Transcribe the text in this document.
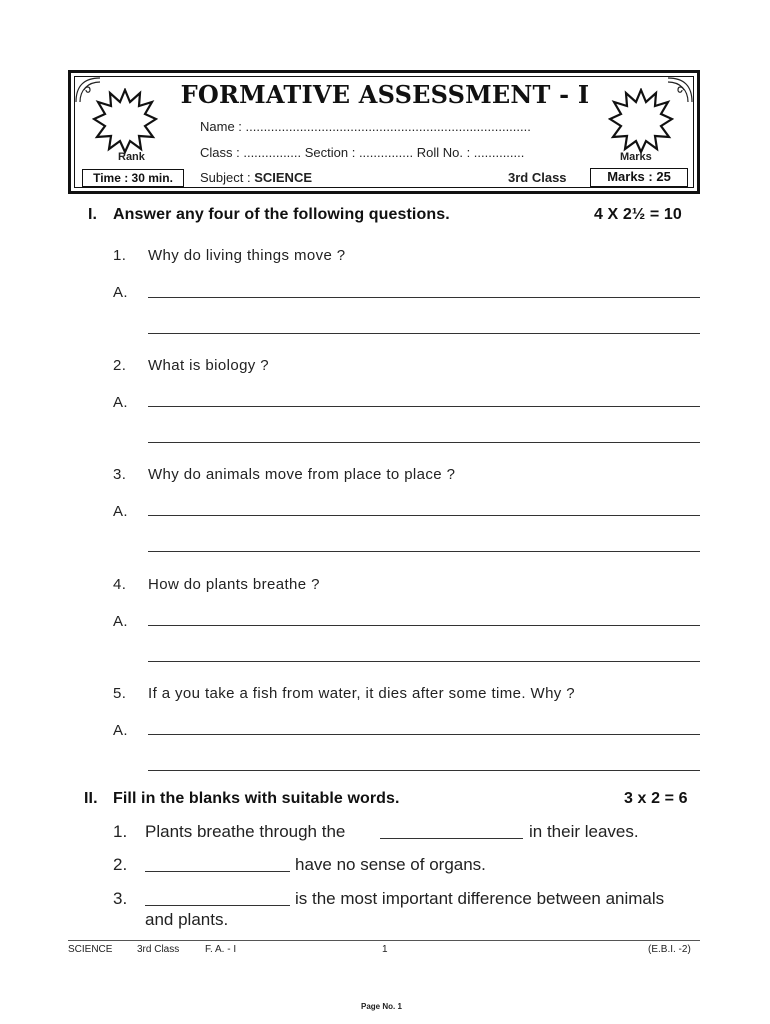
FORMATIVE ASSESSMENT - I
Name : ...............................................................................
Class : ................ Section : ............... Roll No. : ..............
Rank	Marks
Time : 30 min.	Subject : SCIENCE	3rd Class	Marks : 25
I. Answer any four of the following questions.	4 X 2½ = 10
1. Why do living things move ?
A.
2. What is biology ?
A.
3. Why do animals move from place to place ?
A.
4. How do plants breathe ?
A.
5. If a you take a fish from water, it dies after some time. Why ?
A.
II. Fill in the blanks with suitable words.	3 x 2 = 6
1. Plants breathe through the	in their leaves.
2.	have no sense of organs.
3.	is the most important difference between animals
and plants.
SCIENCE 3rd Class	F. A. - I	1	(E.B.I. -2)
Page No. 1
